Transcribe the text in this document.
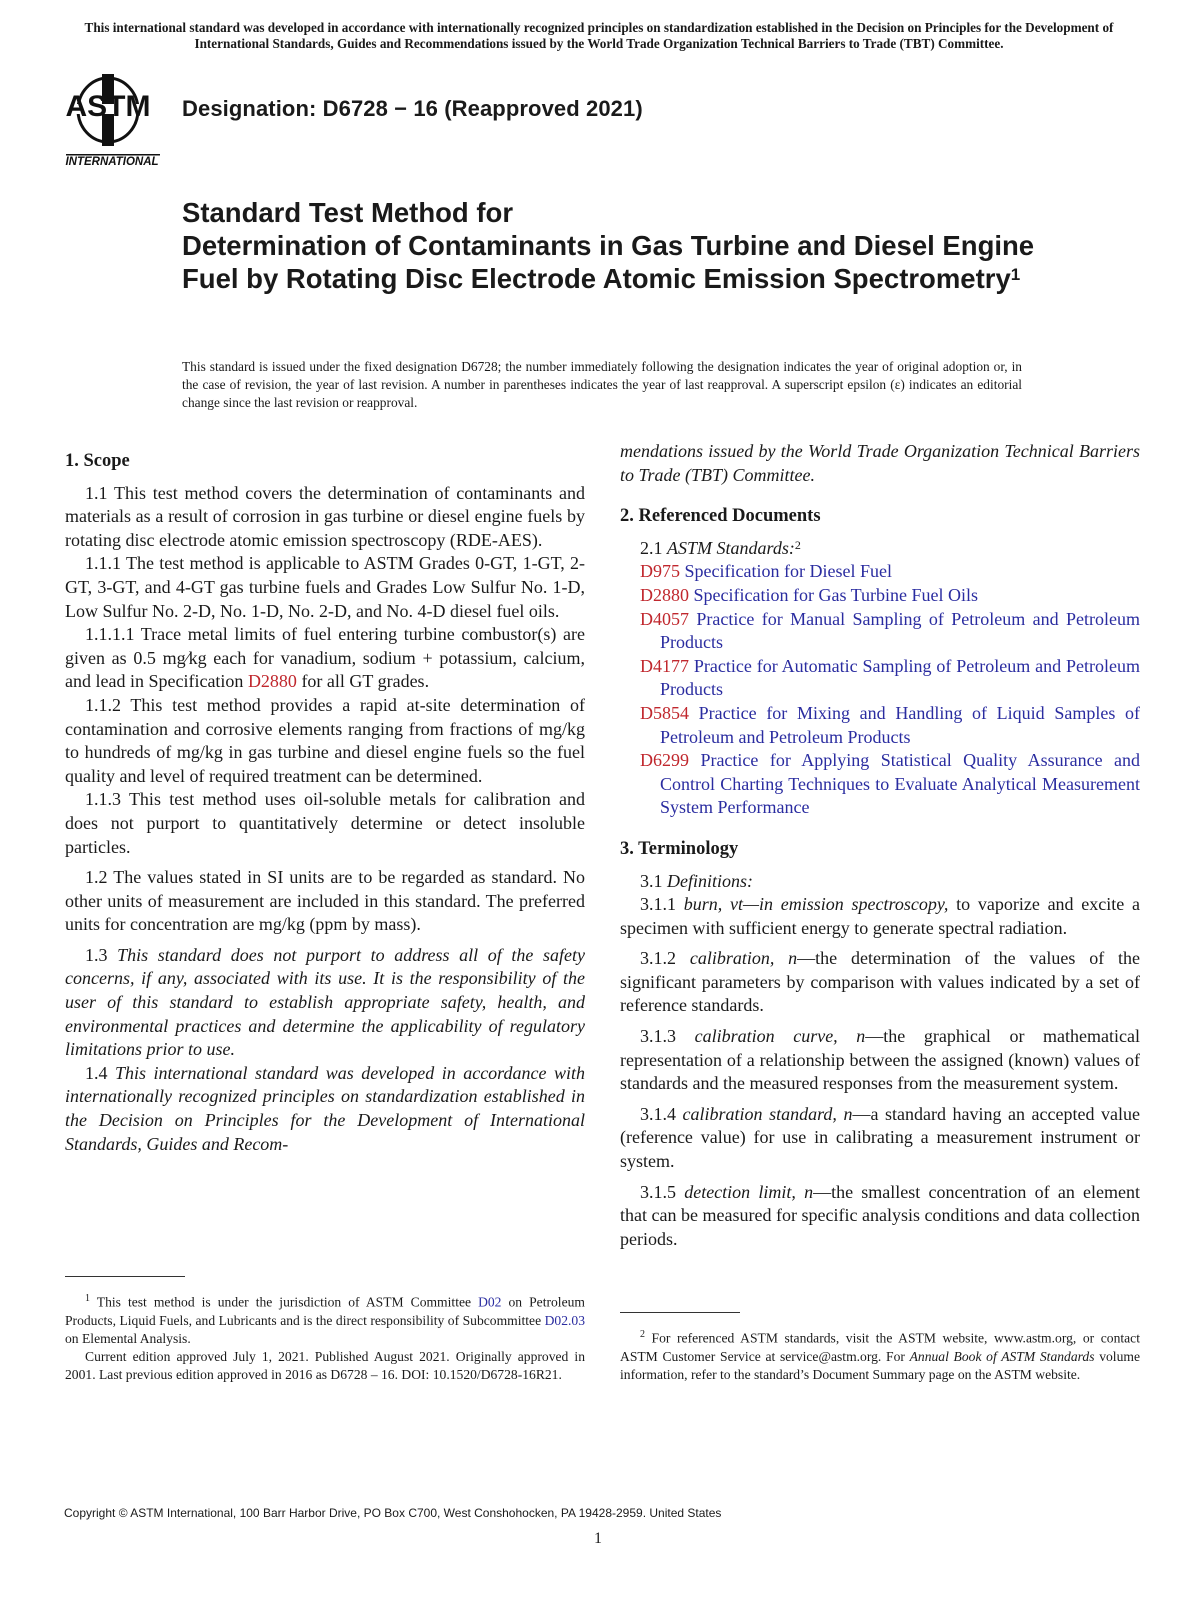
This international standard was developed in accordance with internationally recognized principles on standardization established in the Decision on Principles for the Development of International Standards, Guides and Recommendations issued by the World Trade Organization Technical Barriers to Trade (TBT) Committee.
ASTM
INTERNATIONAL
Designation: D6728 − 16 (Reapproved 2021)
Standard Test Method for
Determination of Contaminants in Gas Turbine and Diesel Engine Fuel by Rotating Disc Electrode Atomic Emission Spectrometry$^1$
This standard is issued under the fixed designation D6728; the number immediately following the designation indicates the year of original adoption or, in the case of revision, the year of last revision. A number in parentheses indicates the year of last reapproval. A superscript epsilon (ε) indicates an editorial change since the last revision or reapproval.

1. Scope

1.1 This test method covers the determination of contaminants and materials as a result of corrosion in gas turbine or diesel engine fuels by rotating disc electrode atomic emission spectroscopy (RDE-AES).

1.1.1 The test method is applicable to ASTM Grades 0-GT, 1-GT, 2-GT, 3-GT, and 4-GT gas turbine fuels and Grades Low Sulfur No. 1-D, Low Sulfur No. 2-D, No. 1-D, No. 2-D, and No. 4-D diesel fuel oils.

1.1.1.1 Trace metal limits of fuel entering turbine combustor(s) are given as 0.5 mg⁄kg each for vanadium, sodium + potassium, calcium, and lead in Specification D2880 for all GT grades.

1.1.2 This test method provides a rapid at-site determination of contamination and corrosive elements ranging from fractions of mg/kg to hundreds of mg/kg in gas turbine and diesel engine fuels so the fuel quality and level of required treatment can be determined.

1.1.3 This test method uses oil-soluble metals for calibration and does not purport to quantitatively determine or detect insoluble particles.

1.2 The values stated in SI units are to be regarded as standard. No other units of measurement are included in this standard. The preferred units for concentration are mg/kg (ppm by mass).

1.3 This standard does not purport to address all of the safety concerns, if any, associated with its use. It is the responsibility of the user of this standard to establish appropriate safety, health, and environmental practices and determine the applicability of regulatory limitations prior to use.

1.4 This international standard was developed in accordance with internationally recognized principles on standardization established in the Decision on Principles for the Development of International Standards, Guides and Recom-

$^1$ This test method is under the jurisdiction of ASTM Committee D02 on Petroleum Products, Liquid Fuels, and Lubricants and is the direct responsibility of Subcommittee D02.03 on Elemental Analysis.

Current edition approved July 1, 2021. Published August 2021. Originally approved in 2001. Last previous edition approved in 2016 as D6728 – 16. DOI: 10.1520/D6728-16R21.

mendations issued by the World Trade Organization Technical Barriers to Trade (TBT) Committee.

2. Referenced Documents

2.1 ASTM Standards:$^2$

D975 Specification for Diesel Fuel

D2880 Specification for Gas Turbine Fuel Oils

D4057 Practice for Manual Sampling of Petroleum and Petroleum Products

D4177 Practice for Automatic Sampling of Petroleum and Petroleum Products

D5854 Practice for Mixing and Handling of Liquid Samples of Petroleum and Petroleum Products

D6299 Practice for Applying Statistical Quality Assurance and Control Charting Techniques to Evaluate Analytical Measurement System Performance

3. Terminology

3.1 Definitions:

3.1.1 burn, vt—in emission spectroscopy, to vaporize and excite a specimen with sufficient energy to generate spectral radiation.

3.1.2 calibration, n—the determination of the values of the significant parameters by comparison with values indicated by a set of reference standards.

3.1.3 calibration curve, n—the graphical or mathematical representation of a relationship between the assigned (known) values of standards and the measured responses from the measurement system.

3.1.4 calibration standard, n—a standard having an accepted value (reference value) for use in calibrating a measurement instrument or system.

3.1.5 detection limit, n—the smallest concentration of an element that can be measured for specific analysis conditions and data collection periods.

$^2$ For referenced ASTM standards, visit the ASTM website, www.astm.org, or contact ASTM Customer Service at service@astm.org. For Annual Book of ASTM Standards volume information, refer to the standard’s Document Summary page on the ASTM website.

Copyright © ASTM International, 100 Barr Harbor Drive, PO Box C700, West Conshohocken, PA 19428-2959. United States
1
